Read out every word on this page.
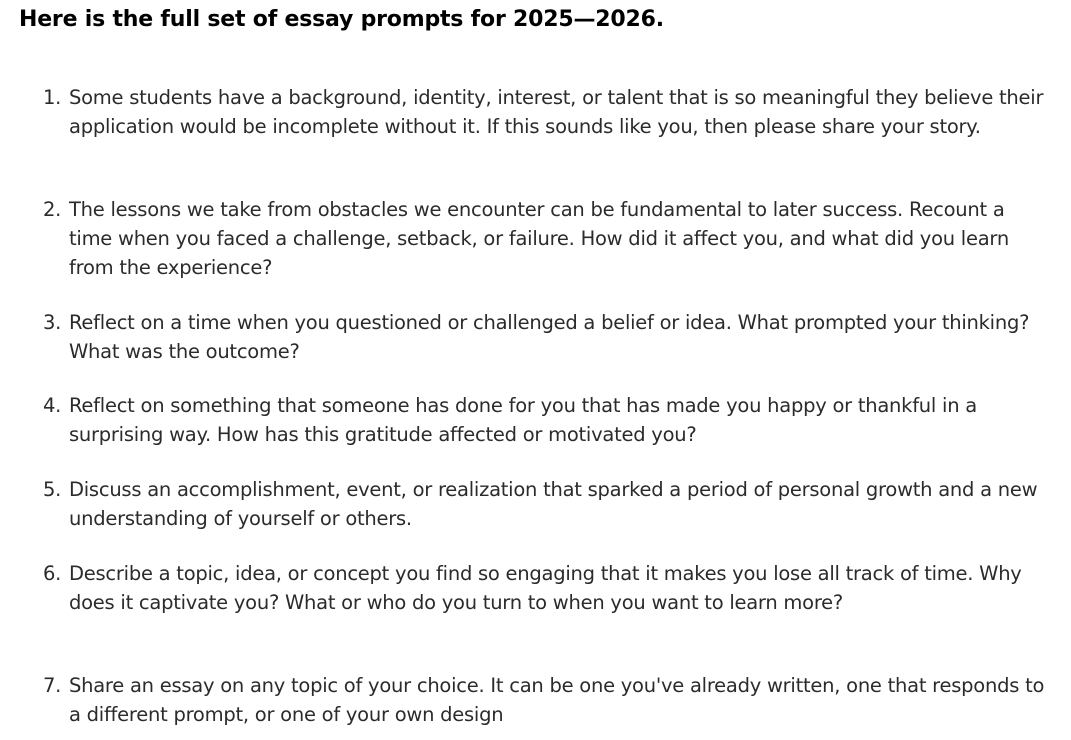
Here is the full set of essay prompts for 2025—2026.
1. Some students have a background, identity, interest, or talent that is so meaningful they believe their application would be incomplete without it. If this sounds like you, then please share your story.
2. The lessons we take from obstacles we encounter can be fundamental to later success. Recount a time when you faced a challenge, setback, or failure. How did it affect you, and what did you learn from the experience?
3. Reflect on a time when you questioned or challenged a belief or idea. What prompted your thinking? What was the outcome?
4. Reflect on something that someone has done for you that has made you happy or thankful in a surprising way. How has this gratitude affected or motivated you?
5. Discuss an accomplishment, event, or realization that sparked a period of personal growth and a new understanding of yourself or others.
6. Describe a topic, idea, or concept you find so engaging that it makes you lose all track of time. Why does it captivate you? What or who do you turn to when you want to learn more?
7. Share an essay on any topic of your choice. It can be one you've already written, one that responds to a different prompt, or one of your own design
